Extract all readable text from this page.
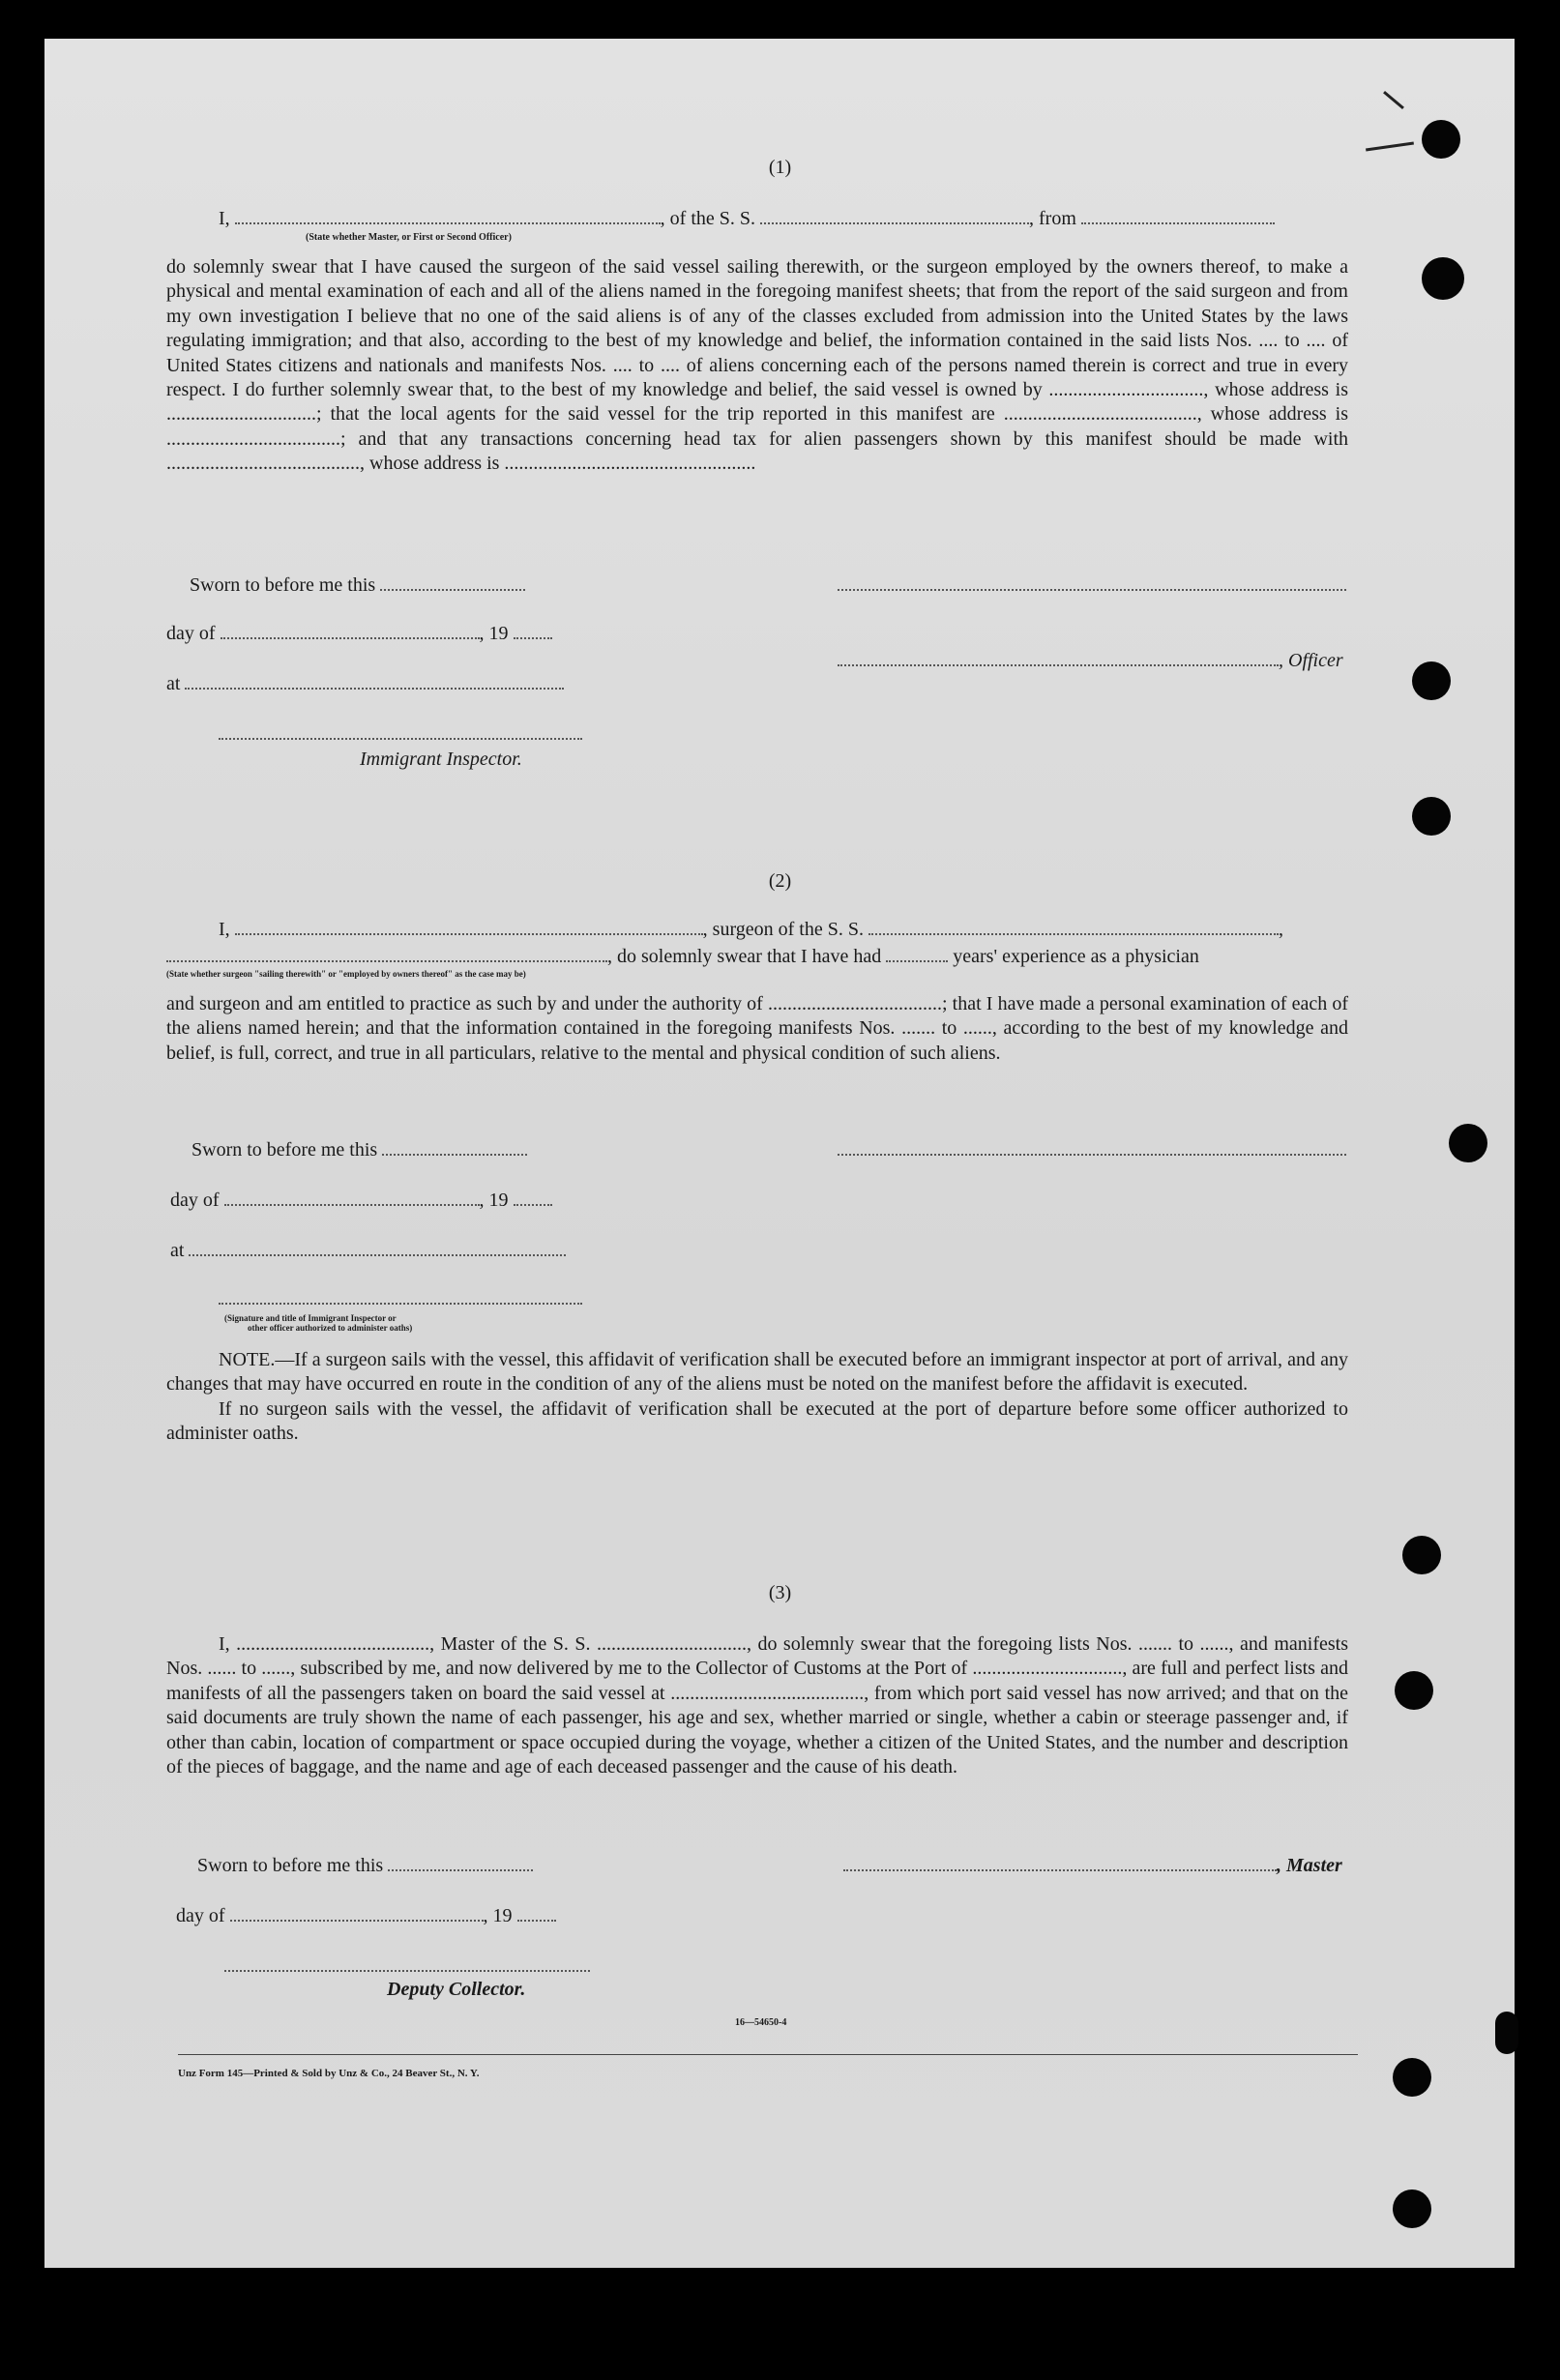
(1)
I,	, of the S. S.	, from
(State whether Master, or First or Second Officer)

do solemnly swear that I have caused the surgeon of the said vessel sailing therewith, or the surgeon employed by the owners thereof, to make a physical and mental examination of each and all of the aliens named in the foregoing manifest sheets; that from the report of the said surgeon and from my own investigation I believe that no one of the said aliens is of any of the classes excluded from admission into the United States by the laws regulating immigration; and that also, according to the best of my knowledge and belief, the information contained in the said lists Nos. .... to .... of United States citizens and nationals and manifests Nos. .... to .... of aliens concerning each of the persons named therein is correct and true in every respect. I do further solemnly swear that, to the best of my knowledge and belief, the said vessel is owned by ................................, whose address is ...............................; that the local agents for the said vessel for the trip reported in this manifest are ........................................, whose address is ....................................; and that any transactions concerning head tax for alien passengers shown by this manifest should be made with ........................................, whose address is ....................................................

Sworn to before me this
day of	, 19
, Officer
at
Immigrant Inspector.
(2)
I,	, surgeon of the S. S.	,
, do solemnly swear that I have had	years' experience as a physician
(State whether surgeon "sailing therewith" or "employed by owners thereof" as the case may be)

and surgeon and am entitled to practice as such by and under the authority of ....................................; that I have made a personal examination of each of the aliens named herein; and that the information contained in the foregoing manifests Nos. ....... to ......, according to the best of my knowledge and belief, is full, correct, and true in all particulars, relative to the mental and physical condition of such aliens.

Sworn to before me this
day of	, 19
at
(Signature and title of Immigrant Inspector or
other officer authorized to administer oaths)

NOTE.—If a surgeon sails with the vessel, this affidavit of verification shall be executed before an immigrant inspector at port of arrival, and any changes that may have occurred en route in the condition of any of the aliens must be noted on the manifest before the affidavit is executed.

If no surgeon sails with the vessel, the affidavit of verification shall be executed at the port of departure before some officer authorized to administer oaths.

(3)

I, ........................................, Master of the S. S. ..............................., do solemnly swear that the foregoing lists Nos. ....... to ......, and manifests Nos. ...... to ......, subscribed by me, and now delivered by me to the Collector of Customs at the Port of ..............................., are full and perfect lists and manifests of all the passengers taken on board the said vessel at ........................................, from which port said vessel has now arrived; and that on the said documents are truly shown the name of each passenger, his age and sex, whether married or single, whether a cabin or steerage passenger and, if other than cabin, location of compartment or space occupied during the voyage, whether a citizen of the United States, and the number and description of the pieces of baggage, and the name and age of each deceased passenger and the cause of his death.

Sworn to before me this	, Master
day of	, 19
Deputy Collector.
16—54650-4
Unz Form 145—Printed & Sold by Unz & Co., 24 Beaver St., N. Y.
